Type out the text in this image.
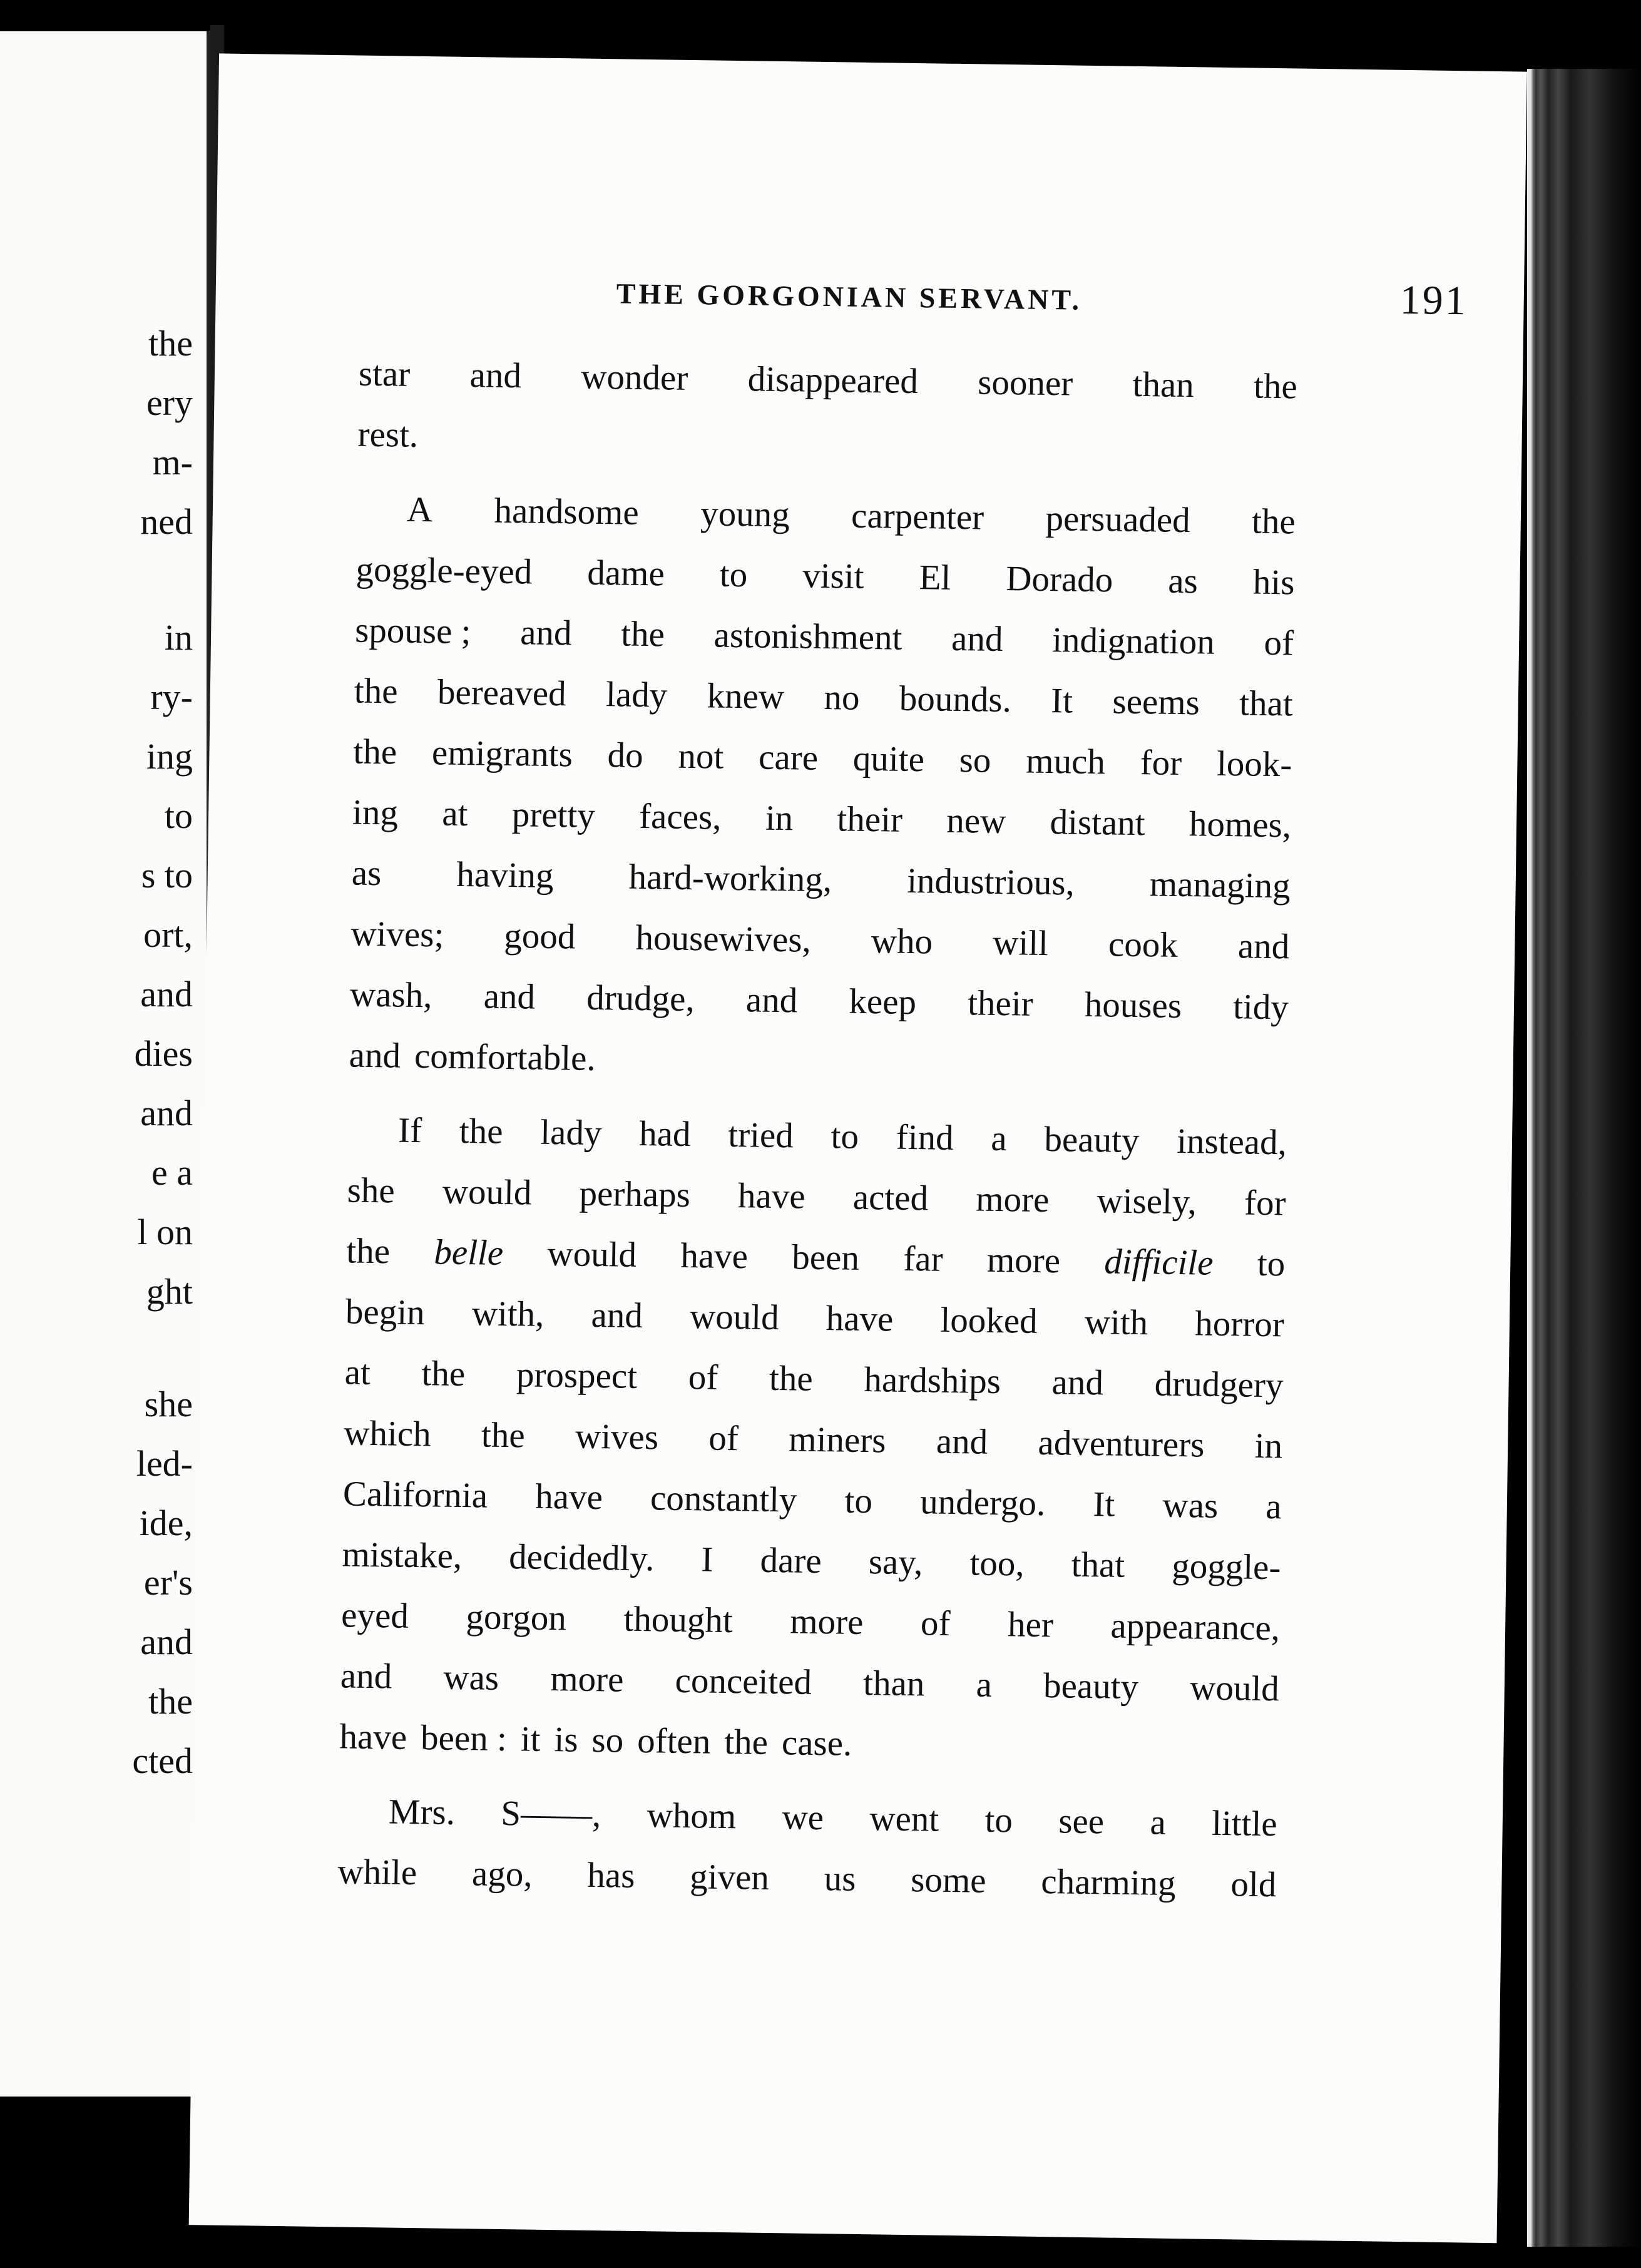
the
ery
m-
ned
in
ry-
ing
to
s to
ort,
and
dies
and
e a
l on
ght
she
led-
ide,
er's
and
the
cted
THE GORGONIAN SERVANT.	191
star and wonder disappeared sooner than the
rest.
A handsome young carpenter persuaded the
goggle-eyed dame to visit El Dorado as his
spouse ; and the astonishment and indignation of
the bereaved lady knew no bounds. It seems that
the emigrants do not care quite so much for look-
ing at pretty faces, in their new distant homes,
as having hard-working, industrious, managing
wives; good housewives, who will cook and
wash, and drudge, and keep their houses tidy
and comfortable.
If the lady had tried to find a beauty instead,
she would perhaps have acted more wisely, for
the belle would have been far more difficile to
begin with, and would have looked with horror
at the prospect of the hardships and drudgery
which the wives of miners and adventurers in
California have constantly to undergo. It was a
mistake, decidedly. I dare say, too, that goggle-
eyed gorgon thought more of her appearance,
and was more conceited than a beauty would
have been : it is so often the case.
Mrs. S——, whom we went to see a little
while ago, has given us some charming old
